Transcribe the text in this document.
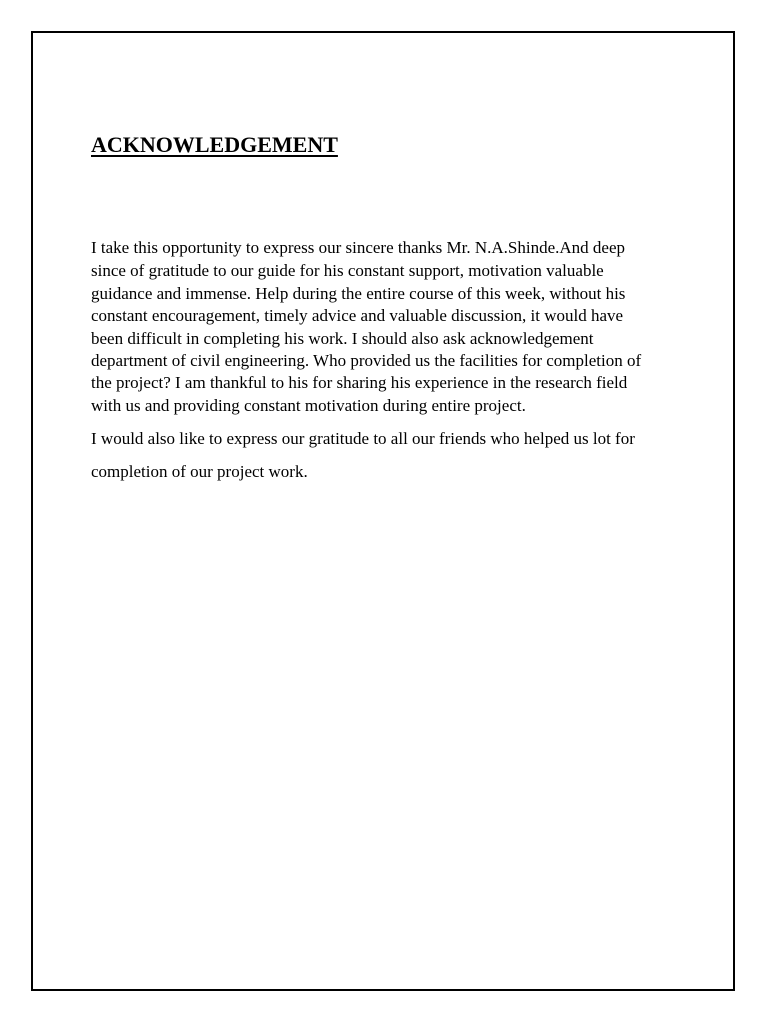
ACKNOWLEDGEMENT

I take this opportunity to express our sincere thanks Mr. N.A.Shinde.And deep

since of gratitude to our guide for his constant support, motivation valuable

guidance and immense. Help during the entire course of this week, without his

constant encouragement, timely advice and valuable discussion, it would have

been difficult in completing his work. I should also ask acknowledgement

department of civil engineering. Who provided us the facilities for completion of

the project? I am thankful to his for sharing his experience in the research field

with us and providing constant motivation during entire project.

I would also like to express our gratitude to all our friends who helped us lot for

completion of our project work.
